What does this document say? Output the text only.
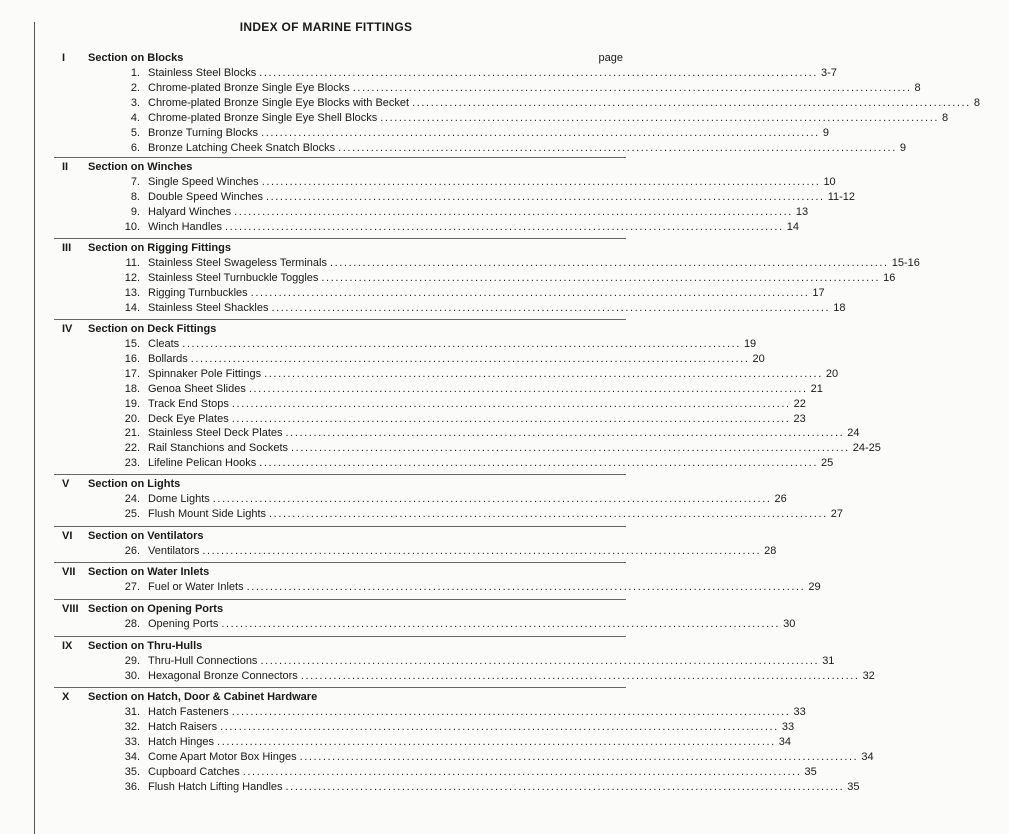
INDEX OF MARINE FITTINGS
page
I Section on Blocks
1. Stainless Steel Blocks ........................................................................................................................ 3-7
2. Chrome-plated Bronze Single Eye Blocks ........................................................................................................................ 8
3. Chrome-plated Bronze Single Eye Blocks with Becket ........................................................................................................................ 8
4. Chrome-plated Bronze Single Eye Shell Blocks ........................................................................................................................ 8
5. Bronze Turning Blocks ........................................................................................................................ 9
6. Bronze Latching Cheek Snatch Blocks ........................................................................................................................ 9
II Section on Winches
7. Single Speed Winches ........................................................................................................................ 10
8. Double Speed Winches ........................................................................................................................ 11-12
9. Halyard Winches ........................................................................................................................ 13
10. Winch Handles ........................................................................................................................ 14
III Section on Rigging Fittings
11. Stainless Steel Swageless Terminals ........................................................................................................................ 15-16
12. Stainless Steel Turnbuckle Toggles ........................................................................................................................ 16
13. Rigging Turnbuckles ........................................................................................................................ 17
14. Stainless Steel Shackles ........................................................................................................................ 18
IV Section on Deck Fittings
15. Cleats ........................................................................................................................ 19
16. Bollards ........................................................................................................................ 20
17. Spinnaker Pole Fittings ........................................................................................................................ 20
18. Genoa Sheet Slides ........................................................................................................................ 21
19. Track End Stops ........................................................................................................................ 22
20. Deck Eye Plates ........................................................................................................................ 23
21. Stainless Steel Deck Plates ........................................................................................................................ 24
22. Rail Stanchions and Sockets ........................................................................................................................ 24-25
23. Lifeline Pelican Hooks ........................................................................................................................ 25
V Section on Lights
24. Dome Lights ........................................................................................................................ 26
25. Flush Mount Side Lights ........................................................................................................................ 27
VI Section on Ventilators
26. Ventilators ........................................................................................................................ 28
VII Section on Water Inlets
27. Fuel or Water Inlets ........................................................................................................................ 29
VIII Section on Opening Ports
28. Opening Ports ........................................................................................................................ 30
IX Section on Thru-Hulls
29. Thru-Hull Connections ........................................................................................................................ 31
30. Hexagonal Bronze Connectors ........................................................................................................................ 32
X Section on Hatch, Door & Cabinet Hardware
31. Hatch Fasteners ........................................................................................................................ 33
32. Hatch Raisers ........................................................................................................................ 33
33. Hatch Hinges ........................................................................................................................ 34
34. Come Apart Motor Box Hinges ........................................................................................................................ 34
35. Cupboard Catches ........................................................................................................................ 35
36. Flush Hatch Lifting Handles ........................................................................................................................ 35
